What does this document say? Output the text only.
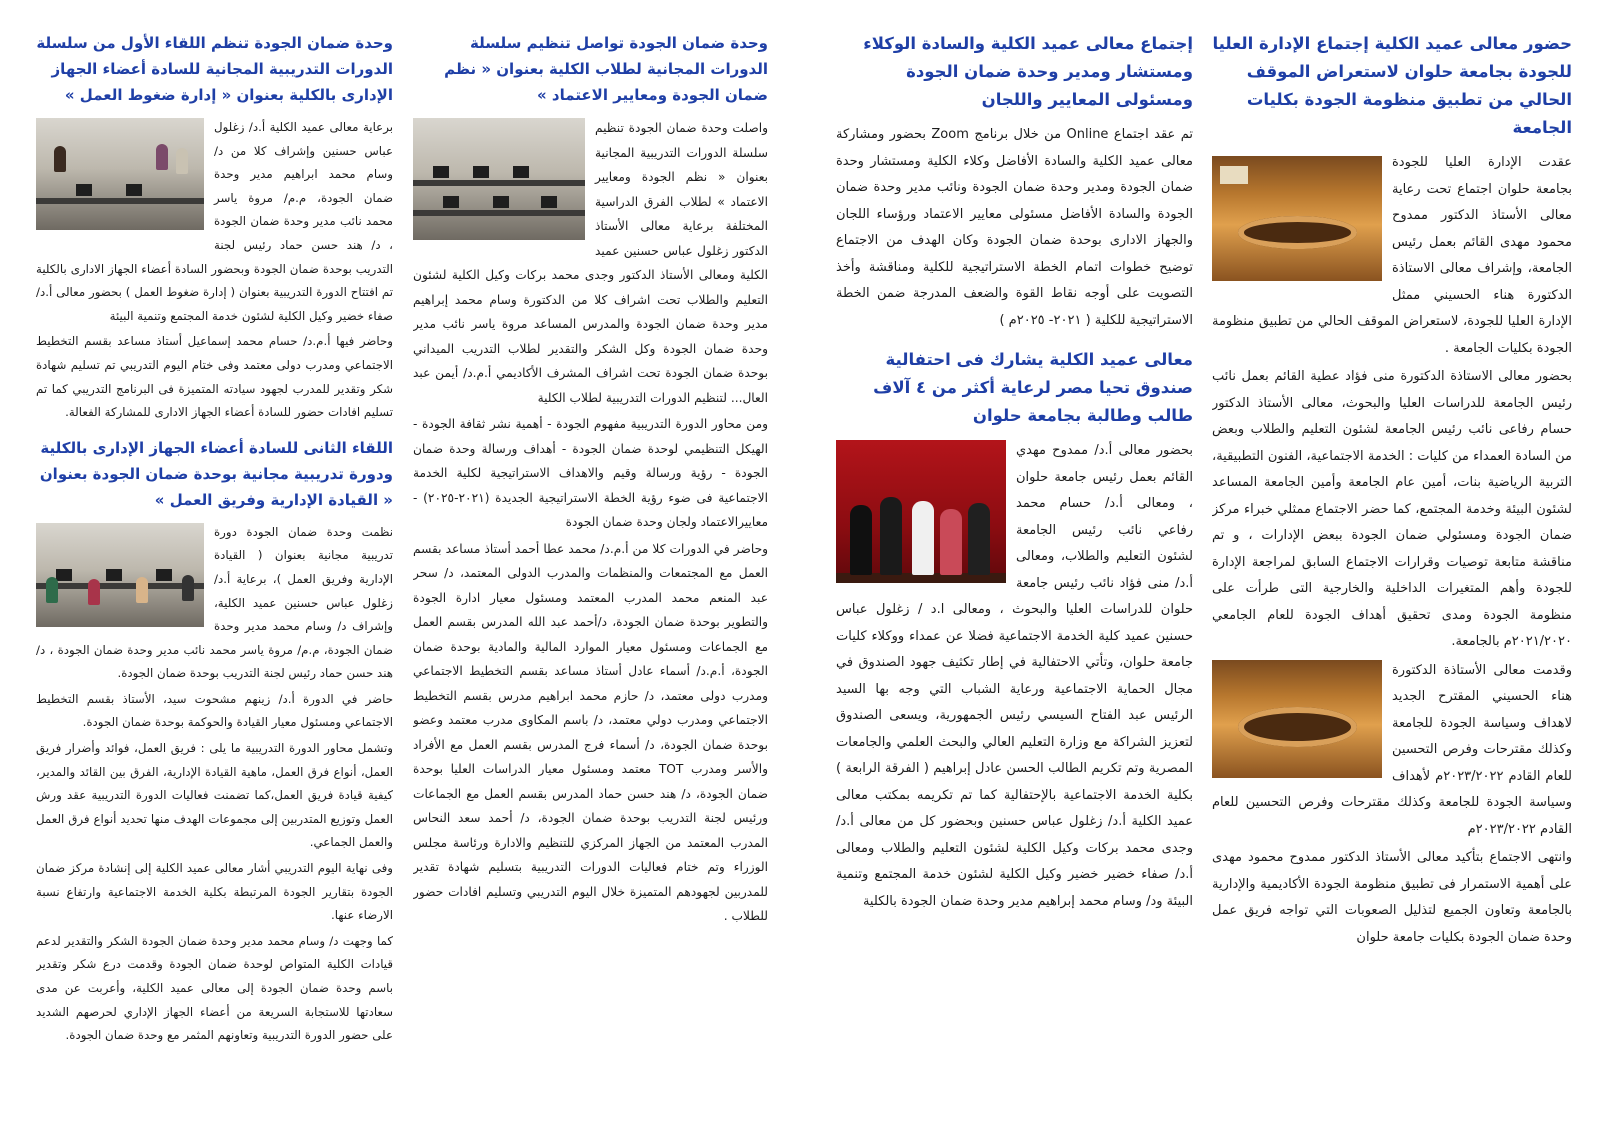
حضور معالى عميد الكلية إجتماع الإدارة العليا للجودة بجامعة حلوان لاستعراض الموقف الحالي من تطبيق منظومة الجودة بكليات الجامعة

عقدت الإدارة العليا للجودة بجامعة حلوان اجتماع تحت رعاية معالى الأستاذ الدكتور ممدوح محمود مهدى القائم بعمل رئيس الجامعة، وإشراف معالى الاستاذة الدكتورة هناء الحسيني ممثل الإدارة العليا للجودة، لاستعراض الموقف الحالي من تطبيق منظومة الجودة بكليات الجامعة .

بحضور معالى الاستاذة الدكتورة منى فؤاد عطية القائم بعمل نائب رئيس الجامعة للدراسات العليا والبحوث، معالى الأستاذ الدكتور حسام رفاعى نائب رئيس الجامعة لشئون التعليم والطلاب وبعض من السادة العمداء من كليات : الخدمة الاجتماعية، الفنون التطبيقية، التربية الرياضية بنات، أمين عام الجامعة وأمين الجامعة المساعد لشئون البيئة وخدمة المجتمع، كما حضر الاجتماع ممثلي خبراء مركز ضمان الجودة ومسئولي ضمان الجودة ببعض الإدارات ، و تم مناقشة متابعة توصيات وقرارات الاجتماع السابق لمراجعة الإدارة للجودة وأهم المتغيرات الداخلية والخارجية التى طرأت على منظومة الجودة ومدى تحقيق أهداف الجودة للعام الجامعي ٢٠٢١/٢٠٢٠م بالجامعة.

وقدمت معالى الأستاذة الدكتورة هناء الحسيني المقترح الجديد لاهداف وسياسة الجودة للجامعة وكذلك مقترحات وفرص التحسين للعام القادم ٢٠٢٣/٢٠٢٢م لأهداف وسياسة الجودة للجامعة وكذلك مقترحات وفرص التحسين للعام القادم ٢٠٢٣/٢٠٢٢م

وانتهى الاجتماع بتأكيد معالى الأستاذ الدكتور ممدوح محمود مهدى على أهمية الاستمرار فى تطبيق منظومة الجودة الأكاديمية والإدارية بالجامعة وتعاون الجميع لتذليل الصعوبات التي تواجه فريق عمل وحدة ضمان الجودة بكليات جامعة حلوان

إجتماع معالى عميد الكلية والسادة الوكلاء ومستشار ومدير وحدة ضمان الجودة ومسئولى المعايير واللجان

تم عقد اجتماع Online من خلال برنامج Zoom بحضور ومشاركة معالى عميد الكلية والسادة الأفاضل وكلاء الكلية ومستشار وحدة ضمان الجودة ومدير وحدة ضمان الجودة ونائب مدير وحدة ضمان الجودة والسادة الأفاضل مسئولى معايير الاعتماد ورؤساء اللجان والجهاز الادارى بوحدة ضمان الجودة وكان الهدف من الاجتماع توضيح خطوات اتمام الخطة الاستراتيجية للكلية ومناقشة وأخذ التصويت على أوجه نقاط القوة والضعف المدرجة ضمن الخطة الاستراتيجية للكلية ( ٢٠٢١- ٢٠٢٥م )

معالى عميد الكلية يشارك فى احتفالية صندوق تحيا مصر لرعاية أكثر من ٤ آلاف طالب وطالبة بجامعة حلوان

بحضور معالى أ.د/ ممدوح مهدي القائم بعمل رئيس جامعة حلوان ، ومعالى أ.د/ حسام محمد رفاعي نائب رئيس الجامعة لشئون التعليم والطلاب، ومعالى أ.د/ منى فؤاد نائب رئيس جامعة حلوان للدراسات العليا والبحوث ، ومعالى ا.د / زغلول عباس حسنين عميد كلية الخدمة الاجتماعية فضلا عن عمداء ووكلاء كليات جامعة حلوان، وتأتي الاحتفالية في إطار تكثيف جهود الصندوق في مجال الحماية الاجتماعية ورعاية الشباب التي وجه بها السيد الرئيس عبد الفتاح السيسي رئيس الجمهورية، ويسعى الصندوق لتعزيز الشراكة مع وزارة التعليم العالي والبحث العلمي والجامعات المصرية وتم تكريم الطالب الحسن عادل إبراهيم ( الفرقة الرابعة ) بكلية الخدمة الاجتماعية بالإحتفالية كما تم تكريمه بمكتب معالى عميد الكلية أ.د/ زغلول عباس حسنين وبحضور كل من معالى أ.د/ وجدى محمد بركات وكيل الكلية لشئون التعليم والطلاب ومعالى أ.د/ صفاء خضير خضير وكيل الكلية لشئون خدمة المجتمع وتنمية البيئة ود/ وسام محمد إبراهيم مدير وحدة ضمان الجودة بالكلية

وحدة ضمان الجودة تواصل تنظيم سلسلة الدورات المجانية لطلاب الكلية بعنوان « نظم ضمان الجودة ومعايير الاعتماد »

واصلت وحدة ضمان الجودة تنظيم سلسلة الدورات التدريبية المجانية بعنوان « نظم الجودة ومعايير الاعتماد » لطلاب الفرق الدراسية المختلفة برعاية معالى الأستاذ الدكتور زغلول عباس حسنين عميد الكلية ومعالى الأستاذ الدكتور وجدى محمد بركات وكيل الكلية لشئون التعليم والطلاب تحت اشراف كلا من الدكتورة وسام محمد إبراهيم مدير وحدة ضمان الجودة والمدرس المساعد مروة ياسر نائب مدير وحدة ضمان الجودة وكل الشكر والتقدير لطلاب التدريب الميداني بوحدة ضمان الجودة تحت اشراف المشرف الأكاديمي أ.م.د/ أيمن عبد العال... لتنظيم الدورات التدريبية لطلاب الكلية

ومن محاور الدورة التدريبية مفهوم الجودة - أهمية نشر ثقافة الجودة - الهيكل التنظيمي لوحدة ضمان الجودة - أهداف ورسالة وحدة ضمان الجودة - رؤية ورسالة وقيم والاهداف الاستراتيجية لكلية الخدمة الاجتماعية فى ضوء رؤية الخطة الاستراتيجية الجديدة (٢٠٢١-٢٠٢٥) - معاييرالاعتماد ولجان وحدة ضمان الجودة

وحاضر في الدورات كلا من أ.م.د/ محمد عطا أحمد أستاذ مساعد بقسم العمل مع المجتمعات والمنظمات والمدرب الدولى المعتمد، د/ سحر عبد المنعم محمد المدرب المعتمد ومسئول معيار ادارة الجودة والتطوير بوحدة ضمان الجودة، د/أحمد عبد الله المدرس بقسم العمل مع الجماعات ومسئول معيار الموارد المالية والمادية بوحدة ضمان الجودة، أ.م.د/ أسماء عادل أستاذ مساعد بقسم التخطيط الاجتماعي ومدرب دولى معتمد، د/ حازم محمد ابراهيم مدرس بقسم التخطيط الاجتماعي ومدرب دولي معتمد، د/ باسم المكاوى مدرب معتمد وعضو بوحدة ضمان الجودة، د/ أسماء فرج المدرس بقسم العمل مع الأفراد والأسر ومدرب TOT معتمد ومسئول معيار الدراسات العليا بوحدة ضمان الجودة، د/ هند حسن حماد المدرس بقسم العمل مع الجماعات ورئيس لجنة التدريب بوحدة ضمان الجودة، د/ أحمد سعد النحاس المدرب المعتمد من الجهاز المركزي للتنظيم والادارة ورئاسة مجلس الوزراء وتم ختام فعاليات الدورات التدريبية بتسليم شهادة تقدير للمدربين لجهودهم المتميزة خلال اليوم التدريبي وتسليم افادات حضور للطلاب .

وحدة ضمان الجودة تنظم اللقاء الأول من سلسلة الدورات التدريبية المجانية للسادة أعضاء الجهاز الإدارى بالكلية بعنوان « إدارة ضغوط العمل »

برعاية معالى عميد الكلية أ.د/ زغلول عباس حسنين وإشراف كلا من د/ وسام محمد ابراهيم مدير وحدة ضمان الجودة، م.م/ مروة ياسر محمد نائب مدير وحدة ضمان الجودة ، د/ هند حسن حماد رئيس لجنة التدريب بوحدة ضمان الجودة وبحضور السادة أعضاء الجهاز الادارى بالكلية تم افتتاح الدورة التدريبية بعنوان ( إدارة ضغوط العمل ) بحضور معالى أ.د/ صفاء خضير وكيل الكلية لشئون خدمة المجتمع وتنمية البيئة

وحاضر فيها أ.م.د/ حسام محمد إسماعيل أستاذ مساعد بقسم التخطيط الاجتماعي ومدرب دولى معتمد وفى ختام اليوم التدريبي تم تسليم شهادة شكر وتقدير للمدرب لجهود سيادته المتميزة فى البرنامج التدريبي كما تم تسليم افادات حضور للسادة أعضاء الجهاز الادارى للمشاركة الفعالة.

اللقاء الثانى للسادة أعضاء الجهاز الإدارى بالكلية ودورة تدريبية مجانية بوحدة ضمان الجودة بعنوان « القيادة الإدارية وفريق العمل »

نظمت وحدة ضمان الجودة دورة تدريبية مجانية بعنوان ( القيادة الإدارية وفريق العمل )، برعاية أ.د/ زغلول عباس حسنين عميد الكلية، وإشراف د/ وسام محمد مدير وحدة ضمان الجودة، م.م/ مروة ياسر محمد نائب مدير وحدة ضمان الجودة ، د/ هند حسن حماد رئيس لجنة التدريب بوحدة ضمان الجودة.

حاضر في الدورة أ.د/ زينهم مشحوت سيد، الأستاذ بقسم التخطيط الاجتماعي ومسئول معيار القيادة والحوكمة بوحدة ضمان الجودة.

وتشمل محاور الدورة التدريبية ما يلى : فريق العمل، فوائد وأضرار فريق العمل، أنواع فرق العمل، ماهية القيادة الإدارية، الفرق بين القائد والمدير، كيفية قيادة فريق العمل،كما تضمنت فعاليات الدورة التدريبية عقد ورش العمل وتوزيع المتدربين إلى مجموعات الهدف منها تحديد أنواع فرق العمل والعمل الجماعي.

وفى نهاية اليوم التدريبي أشار معالى عميد الكلية إلى إنشادة مركز ضمان الجودة بتقارير الجودة المرتبطة بكلية الخدمة الاجتماعية وارتفاع نسبة الارضاء عنها.

كما وجهت د/ وسام محمد مدير وحدة ضمان الجودة الشكر والتقدير لدعم قيادات الكلية المتواص لوحدة ضمان الجودة وقدمت درع شكر وتقدير باسم وحدة ضمان الجودة إلى معالى عميد الكلية، وأعربت عن مدى سعادتها للاستجابة السريعة من أعضاء الجهاز الإداري لحرصهم الشديد على حضور الدورة التدريبية وتعاونهم المثمر مع وحدة ضمان الجودة.
